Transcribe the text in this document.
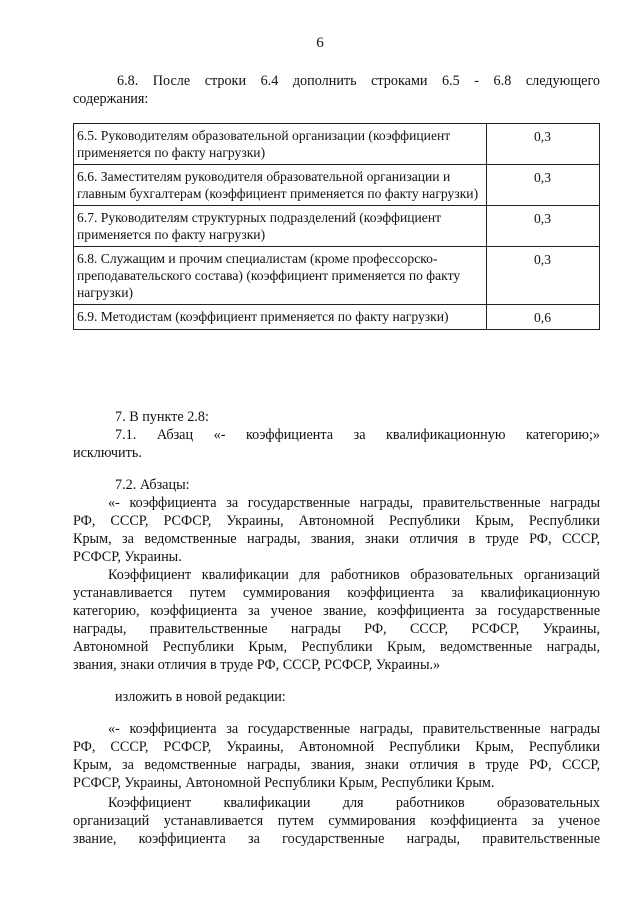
6
6.8. После строки 6.4 дополнить строками 6.5 - 6.8 следующего
содержания:
6.5. Руководителям образовательной организации (коэффициент применяется по факту нагрузки)	0,3
6.6. Заместителям руководителя образовательной организации и главным бухгалтерам (коэффициент применяется по факту нагрузки)	0,3
6.7. Руководителям структурных подразделений (коэффициент применяется по факту нагрузки)	0,3
6.8. Служащим и прочим специалистам (кроме профессорско-преподавательского состава) (коэффициент применяется по факту нагрузки)	0,3
6.9. Методистам (коэффициент применяется по факту нагрузки)	0,6
7. В пункте 2.8:
7.1. Абзац «- коэффициента за квалификационную категорию;»
исключить.
7.2. Абзацы:
«- коэффициента за государственные награды, правительственные награды
РФ, СССР, РСФСР, Украины, Автономной Республики Крым, Республики
Крым, за ведомственные награды, звания, знаки отличия в труде РФ, СССР,
РСФСР, Украины.
Коэффициент квалификации для работников образовательных организаций
устанавливается путем суммирования коэффициента за квалификационную
категорию, коэффициента за ученое звание, коэффициента за государственные
награды, правительственные награды РФ, СССР, РСФСР, Украины,
Автономной Республики Крым, Республики Крым, ведомственные награды,
звания, знаки отличия в труде РФ, СССР, РСФСР, Украины.»
изложить в новой редакции:
«- коэффициента за государственные награды, правительственные награды
РФ, СССР, РСФСР, Украины, Автономной Республики Крым, Республики
Крым, за ведомственные награды, звания, знаки отличия в труде РФ, СССР,
РСФСР, Украины, Автономной Республики Крым, Республики Крым.
Коэффициент квалификации для работников образовательных
организаций устанавливается путем суммирования коэффициента за ученое
звание, коэффициента за государственные награды, правительственные
